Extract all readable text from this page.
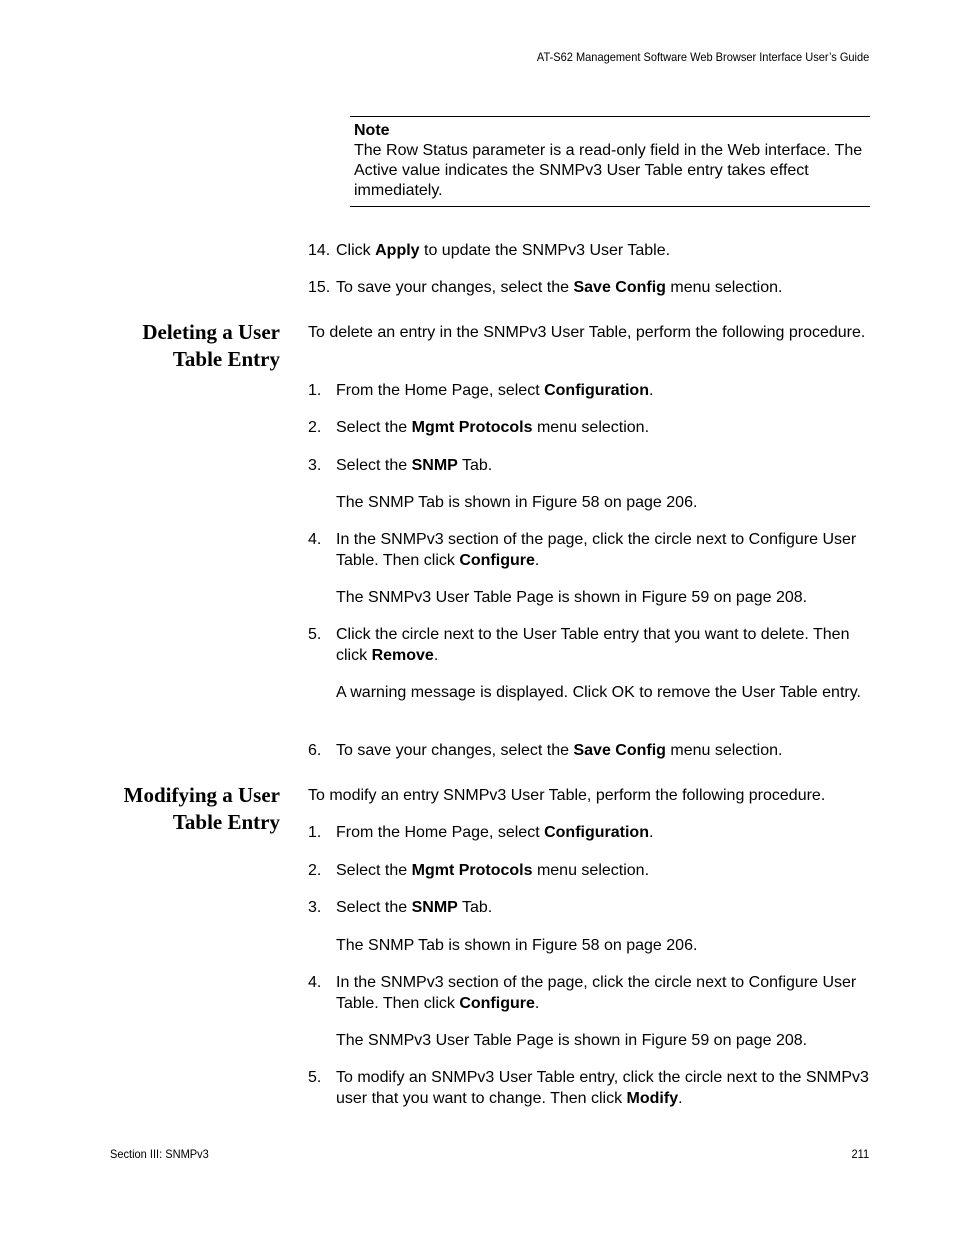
AT-S62 Management Software Web Browser Interface User’s Guide
Note
The Row Status parameter is a read-only field in the Web interface. The Active value indicates the SNMPv3 User Table entry takes effect immediately.
14. Click Apply to update the SNMPv3 User Table.
15. To save your changes, select the Save Config menu selection.
Deleting a User
Table Entry
To delete an entry in the SNMPv3 User Table, perform the following procedure.
1. From the Home Page, select Configuration.
2. Select the Mgmt Protocols menu selection.
3. Select the SNMP Tab.
The SNMP Tab is shown in Figure 58 on page 206.
4. In the SNMPv3 section of the page, click the circle next to Configure User Table. Then click Configure.
The SNMPv3 User Table Page is shown in Figure 59 on page 208.
5. Click the circle next to the User Table entry that you want to delete. Then click Remove.
A warning message is displayed. Click OK to remove the User Table entry.
6. To save your changes, select the Save Config menu selection.
Modifying a User
Table Entry
To modify an entry SNMPv3 User Table, perform the following procedure.
1. From the Home Page, select Configuration.
2. Select the Mgmt Protocols menu selection.
3. Select the SNMP Tab.
The SNMP Tab is shown in Figure 58 on page 206.
4. In the SNMPv3 section of the page, click the circle next to Configure User Table. Then click Configure.
The SNMPv3 User Table Page is shown in Figure 59 on page 208.
5. To modify an SNMPv3 User Table entry, click the circle next to the SNMPv3 user that you want to change. Then click Modify.
Section III: SNMPv3	211
